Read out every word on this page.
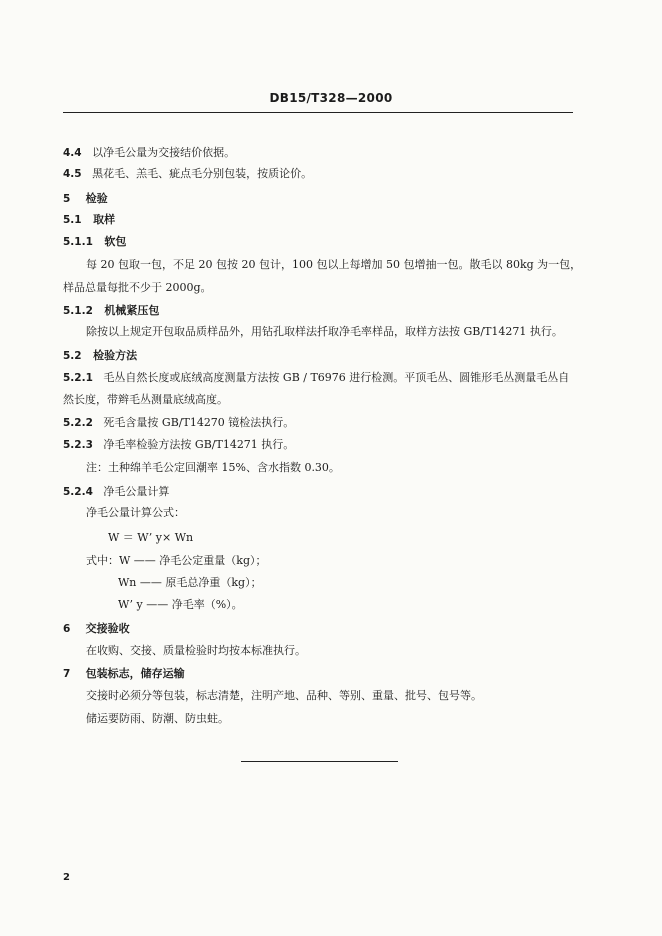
DB15/T328—2000
4.4 以净毛公量为交接结价依据。
4.5 黑花毛、羔毛、疵点毛分别包装，按质论价。
5 检验
5.1 取样
5.1.1 软包
每 20 包取一包，不足 20 包按 20 包计，100 包以上每增加 50 包增抽一包。散毛以 80kg 为一包，
样品总量每批不少于 2000g。
5.1.2 机械紧压包
除按以上规定开包取品质样品外，用钻孔取样法扦取净毛率样品，取样方法按 GB/T14271 执行。
5.2 检验方法
5.2.1 毛丛自然长度或底绒高度测量方法按 GB / T6976 进行检测。平顶毛丛、圆锥形毛丛测量毛丛自
然长度，带辫毛丛测量底绒高度。
5.2.2 死毛含量按 GB/T14270 镜检法执行。
5.2.3 净毛率检验方法按 GB/T14271 执行。
注：土种绵羊毛公定回潮率 15%、含水指数 0.30。
5.2.4 净毛公量计算
净毛公量计算公式：
W ＝ W’ y× Wn
式中：W —— 净毛公定重量（kg）；
Wn —— 原毛总净重（kg）；
W’ y —— 净毛率（%）。
6 交接验收
在收购、交接、质量检验时均按本标准执行。
7 包装标志，储存运输
交接时必须分等包装，标志清楚，注明产地、品种、等别、重量、批号、包号等。
储运要防雨、防潮、防虫蛀。
2
